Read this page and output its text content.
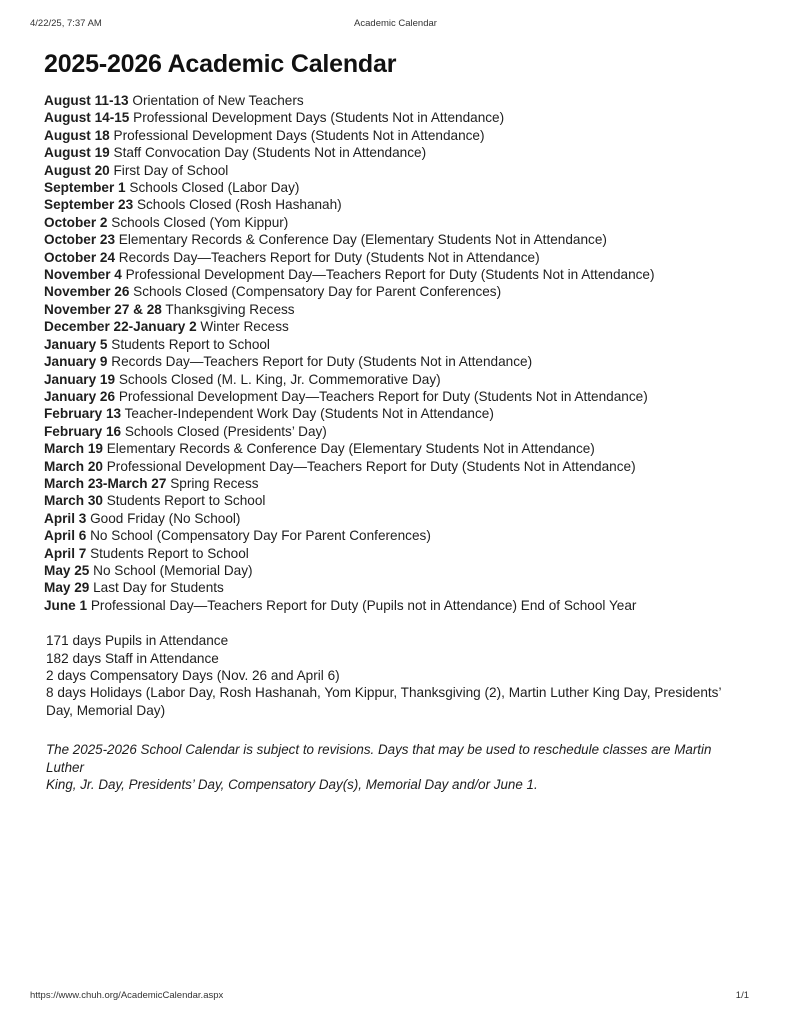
4/22/25, 7:37 AM	Academic Calendar
2025-2026 Academic Calendar
August 11-13 Orientation of New Teachers
August 14-15 Professional Development Days (Students Not in Attendance)
August 18 Professional Development Days (Students Not in Attendance)
August 19 Staff Convocation Day (Students Not in Attendance)
August 20 First Day of School
September 1 Schools Closed (Labor Day)
September 23 Schools Closed (Rosh Hashanah)
October 2 Schools Closed (Yom Kippur)
October 23 Elementary Records & Conference Day (Elementary Students Not in Attendance)
October 24 Records Day—Teachers Report for Duty (Students Not in Attendance)
November 4 Professional Development Day—Teachers Report for Duty (Students Not in Attendance)
November 26 Schools Closed (Compensatory Day for Parent Conferences)
November 27 & 28 Thanksgiving Recess
December 22-January 2 Winter Recess
January 5 Students Report to School
January 9 Records Day—Teachers Report for Duty (Students Not in Attendance)
January 19 Schools Closed (M. L. King, Jr. Commemorative Day)
January 26 Professional Development Day—Teachers Report for Duty (Students Not in Attendance)
February 13 Teacher-Independent Work Day (Students Not in Attendance)
February 16 Schools Closed (Presidents’ Day)
March 19 Elementary Records & Conference Day (Elementary Students Not in Attendance)
March 20 Professional Development Day—Teachers Report for Duty (Students Not in Attendance)
March 23-March 27 Spring Recess
March 30 Students Report to School
April 3 Good Friday (No School)
April 6 No School (Compensatory Day For Parent Conferences)
April 7 Students Report to School
May 25 No School (Memorial Day)
May 29 Last Day for Students
June 1 Professional Day—Teachers Report for Duty (Pupils not in Attendance) End of School Year
171 days Pupils in Attendance
182 days Staff in Attendance
2 days Compensatory Days (Nov. 26 and April 6)
8 days Holidays (Labor Day, Rosh Hashanah, Yom Kippur, Thanksgiving (2), Martin Luther King Day, Presidents’ Day, Memorial Day)
The 2025-2026 School Calendar is subject to revisions. Days that may be used to reschedule classes are Martin Luther
King, Jr. Day, Presidents’ Day, Compensatory Day(s), Memorial Day and/or June 1.
https://www.chuh.org/AcademicCalendar.aspx	1/1
